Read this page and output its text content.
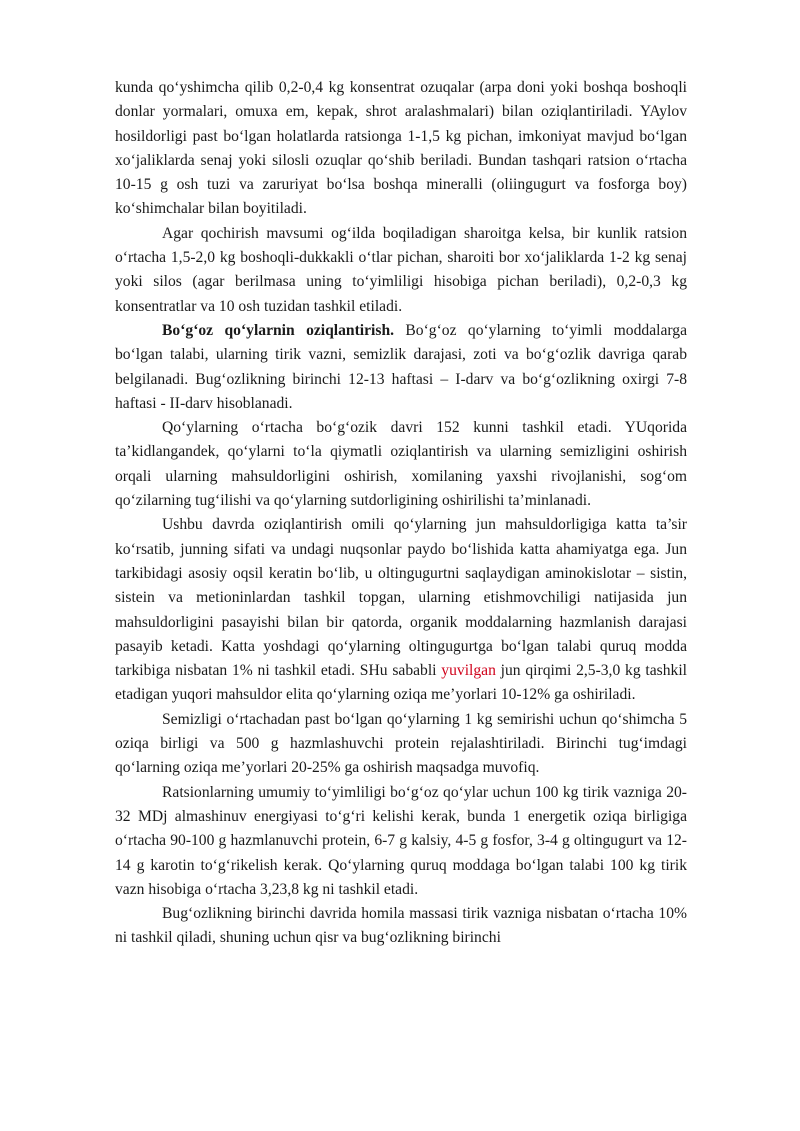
kunda qo‘yshimcha qilib 0,2-0,4 kg konsentrat ozuqalar (arpa doni yoki boshqa boshoqli donlar yormalari, omuxa em, kepak, shrot aralashmalari) bilan oziqlantiriladi. YAylov hosildorligi past bo‘lgan holatlarda ratsionga 1-1,5 kg pichan, imkoniyat mavjud bo‘lgan xo‘jaliklarda senaj yoki silosli ozuqlar qo‘shib beriladi. Bundan tashqari ratsion o‘rtacha 10-15 g osh tuzi va zaruriyat bo‘lsa boshqa mineralli (oliingugurt va fosforga boy) ko‘shimchalar bilan boyitiladi.

Agar qochirish mavsumi og‘ilda boqiladigan sharoitga kelsa, bir kunlik ratsion o‘rtacha 1,5-2,0 kg boshoqli-dukkakli o‘tlar pichan, sharoiti bor xo‘jaliklarda 1-2 kg senaj yoki silos (agar berilmasa uning to‘yimliligi hisobiga pichan beriladi), 0,2-0,3 kg konsentratlar va 10 osh tuzidan tashkil etiladi.

Bo‘g‘oz qo‘ylarnin oziqlantirish. Bo‘g‘oz qo‘ylarning to‘yimli moddalarga bo‘lgan talabi, ularning tirik vazni, semizlik darajasi, zoti va bo‘g‘ozlik davriga qarab belgilanadi. Bug‘ozlikning birinchi 12-13 haftasi – I-darv va bo‘g‘ozlikning oxirgi 7-8 haftasi - II-darv hisoblanadi.

Qo‘ylarning o‘rtacha bo‘g‘ozik davri 152 kunni tashkil etadi. YUqorida ta’kidlangandek, qo‘ylarni to‘la qiymatli oziqlantirish va ularning semizligini oshirish orqali ularning mahsuldorligini oshirish, xomilaning yaxshi rivojlanishi, sog‘om qo‘zilarning tug‘ilishi va qo‘ylarning sutdorligining oshirilishi ta’minlanadi.

Ushbu davrda oziqlantirish omili qo‘ylarning jun mahsuldorligiga katta ta’sir ko‘rsatib, junning sifati va undagi nuqsonlar paydo bo‘lishida katta ahamiyatga ega. Jun tarkibidagi asosiy oqsil keratin bo‘lib, u oltingugurtni saqlaydigan aminokislotar – sistin, sistein va metioninlardan tashkil topgan, ularning etishmovchiligi natijasida jun mahsuldorligini pasayishi bilan bir qatorda, organik moddalarning hazmlanish darajasi pasayib ketadi. Katta yoshdagi qo‘ylarning oltingugurtga bo‘lgan talabi quruq modda tarkibiga nisbatan 1% ni tashkil etadi. SHu sababli yuvilgan jun qirqimi 2,5-3,0 kg tashkil etadigan yuqori mahsuldor elita qo‘ylarning oziqa me’yorlari 10-12% ga oshiriladi.

Semizligi o‘rtachadan past bo‘lgan qo‘ylarning 1 kg semirishi uchun qo‘shimcha 5 oziqa birligi va 500 g hazmlashuvchi protein rejalashtiriladi. Birinchi tug‘imdagi qo‘larning oziqa me’yorlari 20-25% ga oshirish maqsadga muvofiq.

Ratsionlarning umumiy to‘yimliligi bo‘g‘oz qo‘ylar uchun 100 kg tirik vazniga 20-32 MDj almashinuv energiyasi to‘g‘ri kelishi kerak, bunda 1 energetik oziqa birligiga o‘rtacha 90-100 g hazmlanuvchi protein, 6-7 g kalsiy, 4-5 g fosfor, 3-4 g oltingugurt va 12-14 g karotin to‘g‘rikelish kerak. Qo‘ylarning quruq moddaga bo‘lgan talabi 100 kg tirik vazn hisobiga o‘rtacha 3,23,8 kg ni tashkil etadi.

Bug‘ozlikning birinchi davrida homila massasi tirik vazniga nisbatan o‘rtacha 10% ni tashkil qiladi, shuning uchun qisr va bug‘ozlikning birinchi
